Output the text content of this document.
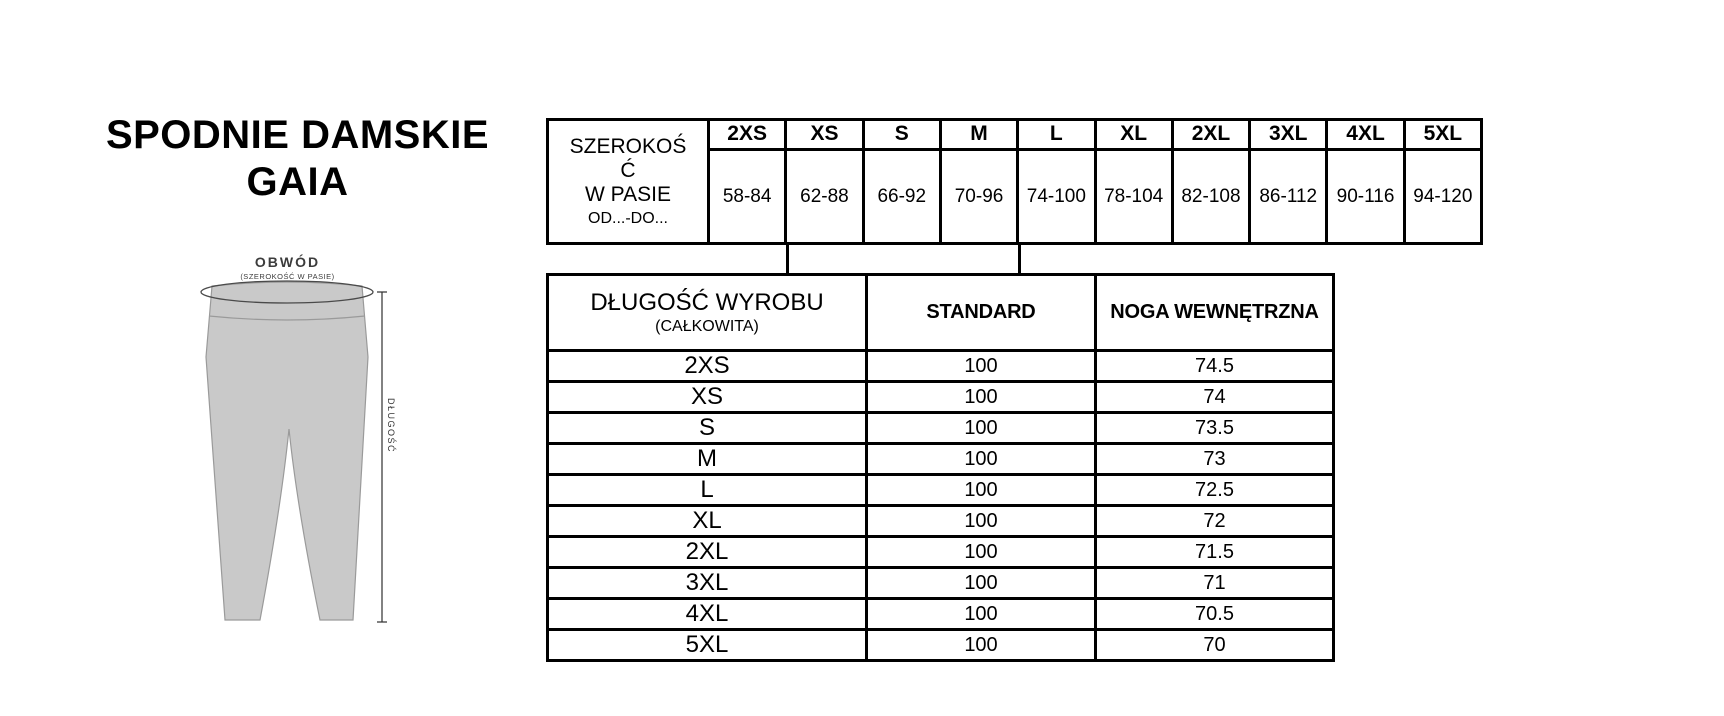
SPODNIE DAMSKIE
GAIA
OBWÓD
(SZEROKOŚĆ W PASIE)
DŁUGOŚĆ
SZEROKOŚ
Ć
W PASIE
OD...-DO...
2XS	XS	S	M	L	XL	2XL	3XL	4XL	5XL
58-84	62-88	66-92	70-96	74-100 78-104 82-108 86-112	90-116 94-120
DŁUGOŚĆ WYROBU
(CAŁKOWITA)
STANDARD	NOGA WEWNĘTRZNA
2XS	100	74.5
XS	100	74
S	100	73.5
M	100	73
L	100	72.5
XL	100	72
2XL	100	71.5
3XL	100	71
4XL	100	70.5
5XL	100	70
